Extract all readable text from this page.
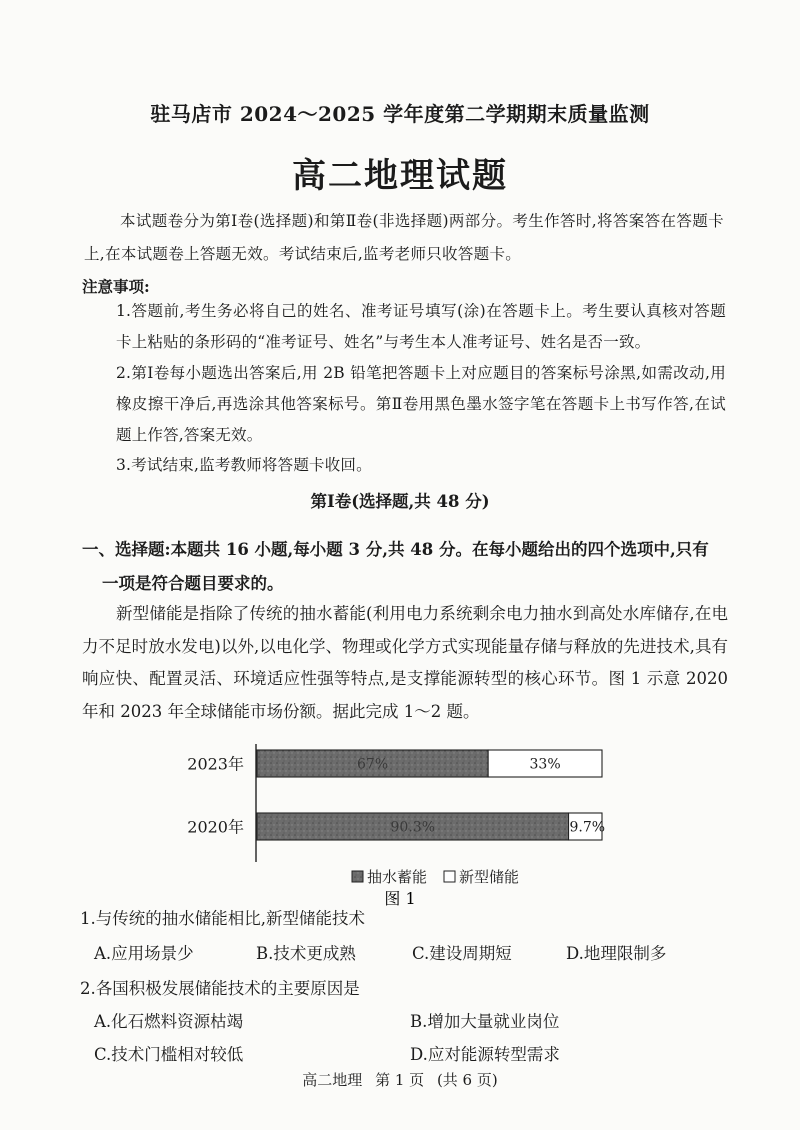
驻马店市 2024～2025 学年度第二学期期末质量监测
高二地理试题
本试题卷分为第Ⅰ卷(选择题)和第Ⅱ卷(非选择题)两部分。考生作答时,将答案答在答题卡上,在本试题卷上答题无效。考试结束后,监考老师只收答题卡。
注意事项:
1.答题前,考生务必将自己的姓名、准考证号填写(涂)在答题卡上。考生要认真核对答题卡上粘贴的条形码的“准考证号、姓名”与考生本人准考证号、姓名是否一致。
2.第Ⅰ卷每小题选出答案后,用 2B 铅笔把答题卡上对应题目的答案标号涂黑,如需改动,用橡皮擦干净后,再选涂其他答案标号。第Ⅱ卷用黑色墨水签字笔在答题卡上书写作答,在试题上作答,答案无效。
3.考试结束,监考教师将答题卡收回。
第Ⅰ卷(选择题,共 48 分)
一、选择题:本题共 16 小题,每小题 3 分,共 48 分。在每小题给出的四个选项中,只有
一项是符合题目要求的。
新型储能是指除了传统的抽水蓄能(利用电力系统剩余电力抽水到高处水库储存,在电力不足时放水发电)以外,以电化学、物理或化学方式实现能量存储与释放的先进技术,具有响应快、配置灵活、环境适应性强等特点,是支撑能源转型的核心环节。图 1 示意 2020 年和 2023 年全球储能市场份额。据此完成 1～2 题。
67%	33%
90.3%	9.7%
2023年
2020年
抽水蓄能 新型储能
图 1
1.与传统的抽水储能相比,新型储能技术
A.应用场景少	B.技术更成熟	C.建设周期短	D.地理限制多
2.各国积极发展储能技术的主要原因是
A.化石燃料资源枯竭	B.增加大量就业岗位
C.技术门槛相对较低	D.应对能源转型需求
高二地理 第 1 页 (共 6 页)
